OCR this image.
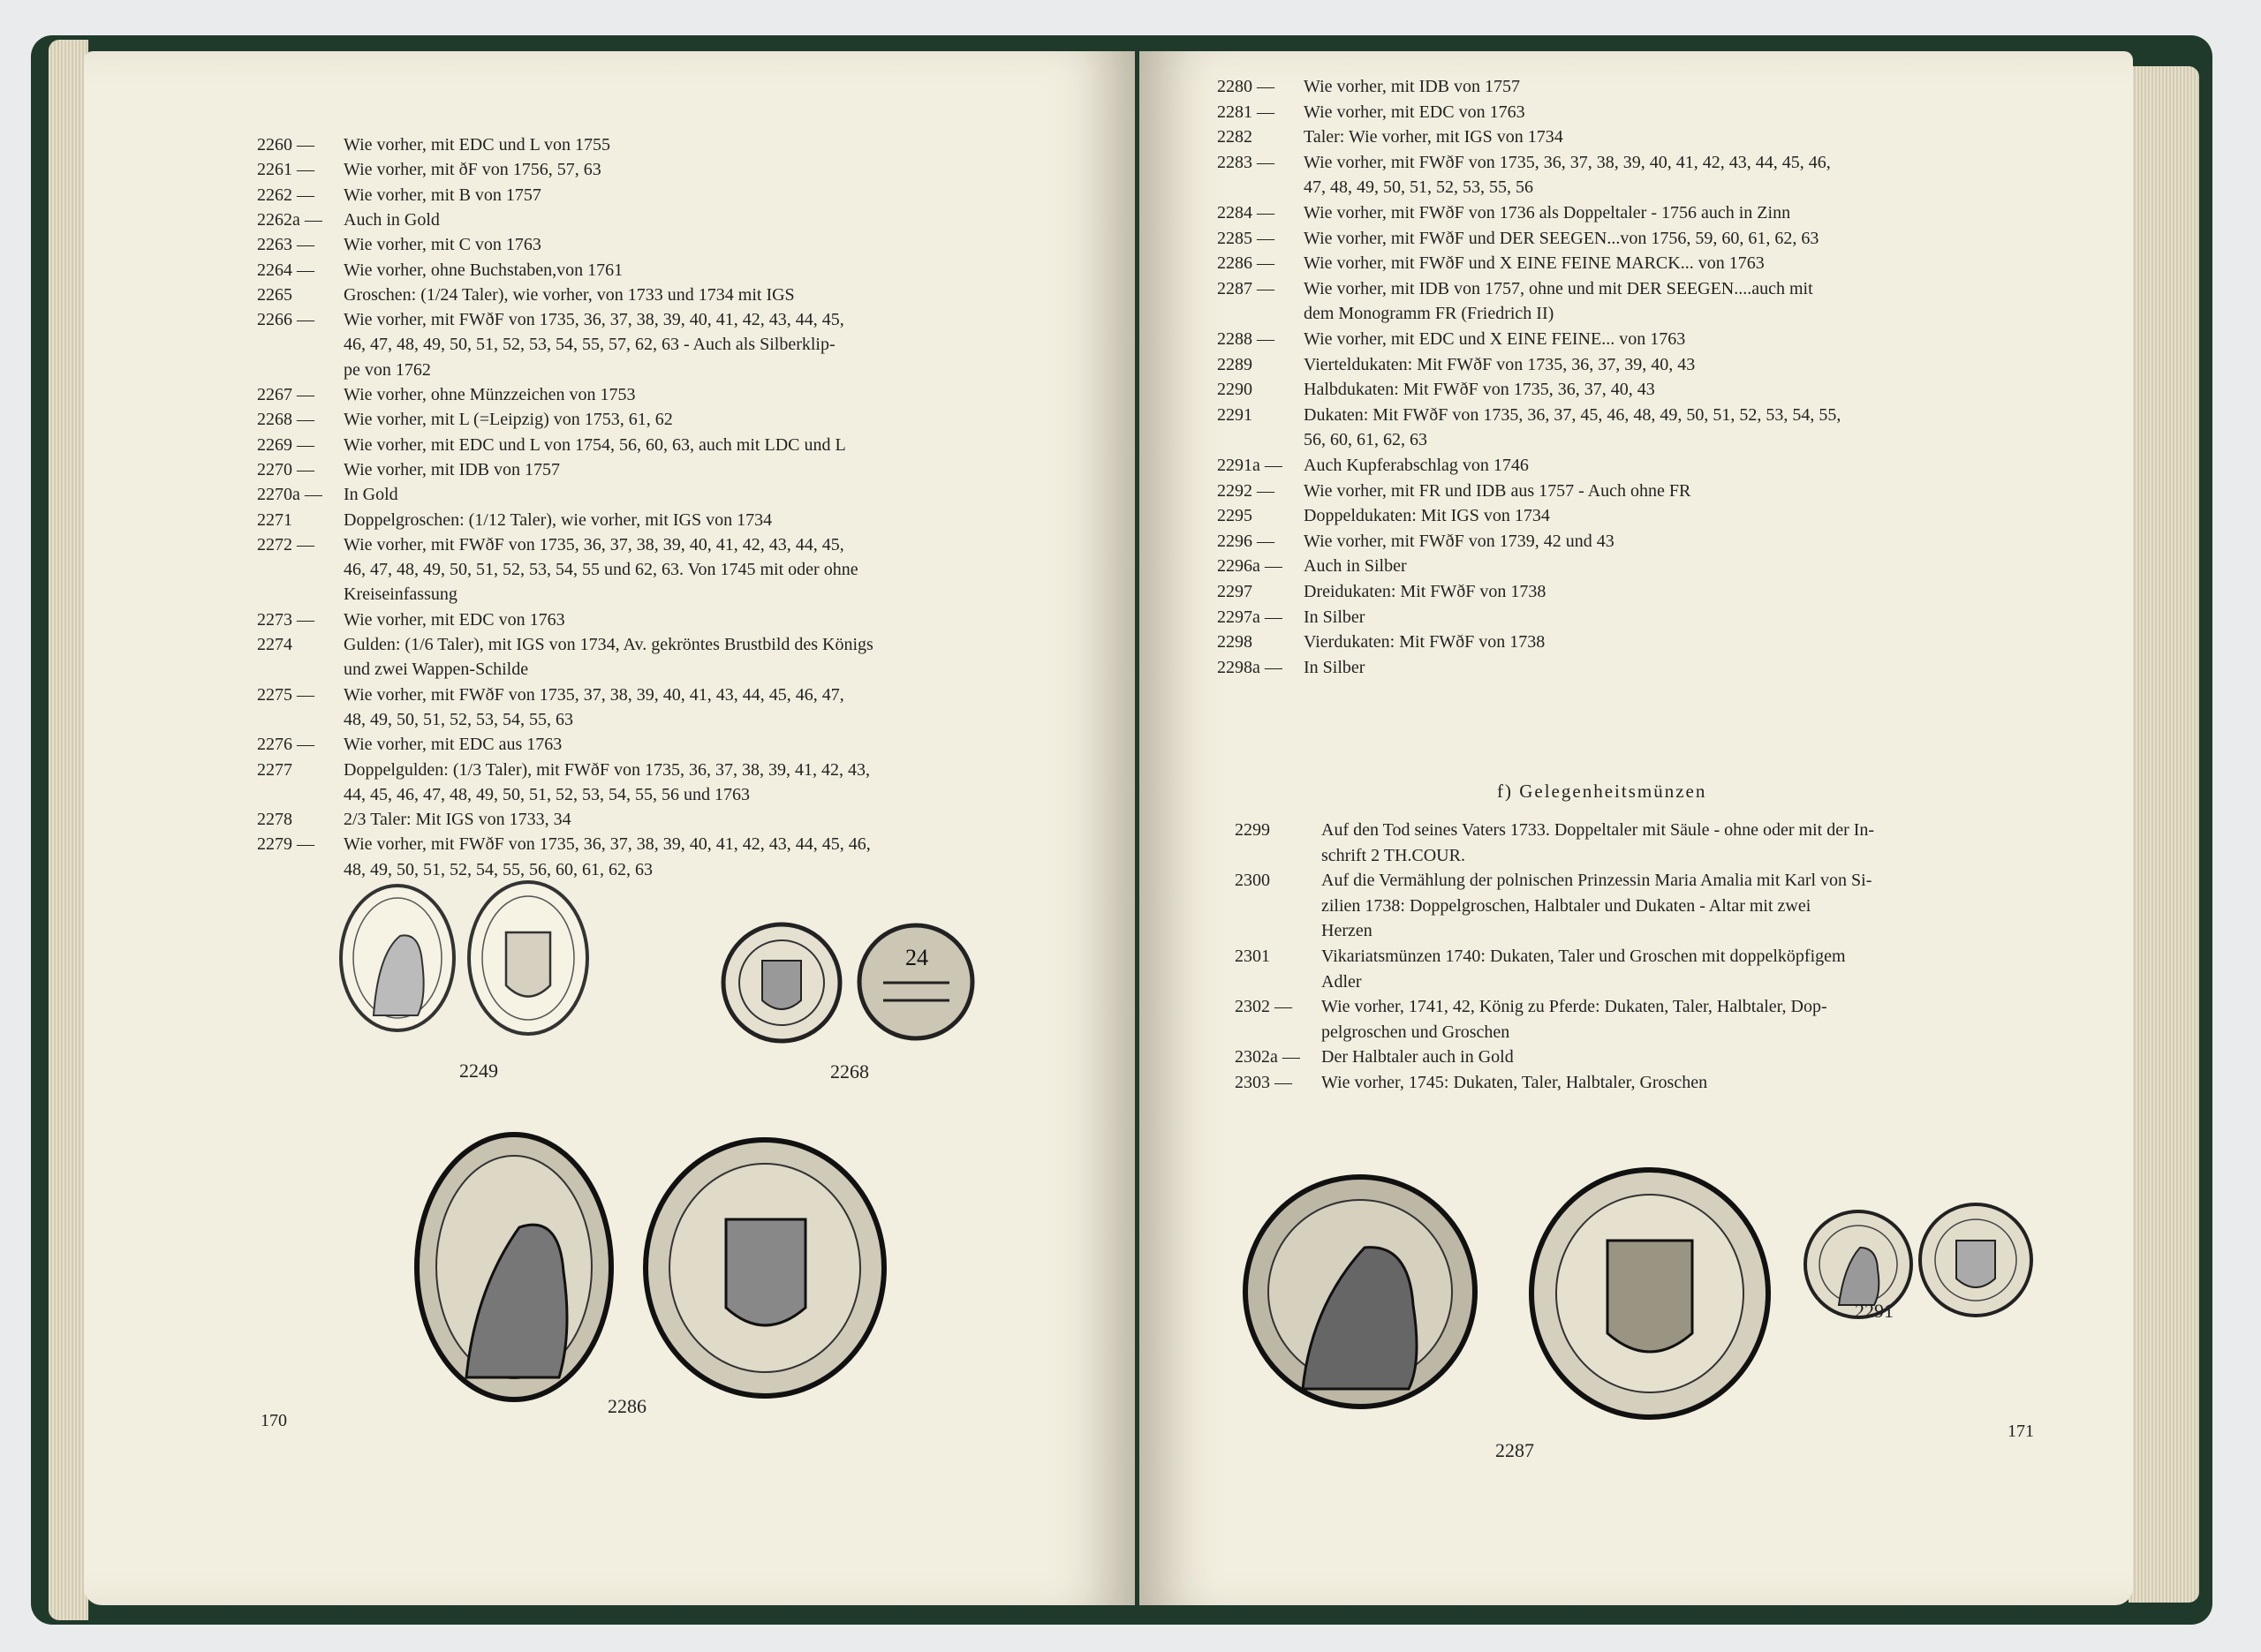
2260 — Wie vorher, mit EDC und L von 1755
2261 — Wie vorher, mit ðF von 1756, 57, 63
2262 — Wie vorher, mit B von 1757
2262a — Auch in Gold
2263 — Wie vorher, mit C von 1763
2264 — Wie vorher, ohne Buchstaben,von 1761
2265	Groschen: (1/24 Taler), wie vorher, von 1733 und 1734 mit IGS
2266 — Wie vorher, mit FWðF von 1735, 36, 37, 38, 39, 40, 41, 42, 43, 44, 45,
46, 47, 48, 49, 50, 51, 52, 53, 54, 55, 57, 62, 63 - Auch als Silberklip-
pe von 1762
2267 — Wie vorher, ohne Münzzeichen von 1753
2268 — Wie vorher, mit L (=Leipzig) von 1753, 61, 62
2269 — Wie vorher, mit EDC und L von 1754, 56, 60, 63, auch mit LDC und L
2270 — Wie vorher, mit IDB von 1757
2270a — In Gold
2271	Doppelgroschen: (1/12 Taler), wie vorher, mit IGS von 1734
2272 — Wie vorher, mit FWðF von 1735, 36, 37, 38, 39, 40, 41, 42, 43, 44, 45,
46, 47, 48, 49, 50, 51, 52, 53, 54, 55 und 62, 63. Von 1745 mit oder ohne
Kreiseinfassung
2273 — Wie vorher, mit EDC von 1763
2274	Gulden: (1/6 Taler), mit IGS von 1734, Av. gekröntes Brustbild des Königs
und zwei Wappen-Schilde
2275 — Wie vorher, mit FWðF von 1735, 37, 38, 39, 40, 41, 43, 44, 45, 46, 47,
48, 49, 50, 51, 52, 53, 54, 55, 63
2276 — Wie vorher, mit EDC aus 1763
2277	Doppelgulden: (1/3 Taler), mit FWðF von 1735, 36, 37, 38, 39, 41, 42, 43,
44, 45, 46, 47, 48, 49, 50, 51, 52, 53, 54, 55, 56 und 1763
2278	2/3 Taler: Mit IGS von 1733, 34
2279 — Wie vorher, mit FWðF von 1735, 36, 37, 38, 39, 40, 41, 42, 43, 44, 45, 46,
48, 49, 50, 51, 52, 54, 55, 56, 60, 61, 62, 63
2249
24
2268
2286
170
2280 — Wie vorher, mit IDB von 1757
2281 — Wie vorher, mit EDC von 1763
2282	Taler: Wie vorher, mit IGS von 1734
2283 — Wie vorher, mit FWðF von 1735, 36, 37, 38, 39, 40, 41, 42, 43, 44, 45, 46,
47, 48, 49, 50, 51, 52, 53, 55, 56
2284 — Wie vorher, mit FWðF von 1736 als Doppeltaler - 1756 auch in Zinn
2285 — Wie vorher, mit FWðF und DER SEEGEN...von 1756, 59, 60, 61, 62, 63
2286 — Wie vorher, mit FWðF und X EINE FEINE MARCK... von 1763
2287 — Wie vorher, mit IDB von 1757, ohne und mit DER SEEGEN....auch mit
dem Monogramm FR (Friedrich II)
2288 — Wie vorher, mit EDC und X EINE FEINE... von 1763
2289	Vierteldukaten: Mit FWðF von 1735, 36, 37, 39, 40, 43
2290	Halbdukaten: Mit FWðF von 1735, 36, 37, 40, 43
2291	Dukaten: Mit FWðF von 1735, 36, 37, 45, 46, 48, 49, 50, 51, 52, 53, 54, 55,
56, 60, 61, 62, 63
2291a — Auch Kupferabschlag von 1746
2292 — Wie vorher, mit FR und IDB aus 1757 - Auch ohne FR
2295	Doppeldukaten: Mit IGS von 1734
2296 — Wie vorher, mit FWðF von 1739, 42 und 43
2296a — Auch in Silber
2297	Dreidukaten: Mit FWðF von 1738
2297a — In Silber
2298	Vierdukaten: Mit FWðF von 1738
2298a — In Silber
f) Gelegenheitsmünzen
2299	Auf den Tod seines Vaters 1733. Doppeltaler mit Säule - ohne oder mit der In-
schrift 2 TH.COUR.
2300	Auf die Vermählung der polnischen Prinzessin Maria Amalia mit Karl von Si-
zilien 1738: Doppelgroschen, Halbtaler und Dukaten - Altar mit zwei
Herzen
2301	Vikariatsmünzen 1740: Dukaten, Taler und Groschen mit doppelköpfigem
Adler
2302 — Wie vorher, 1741, 42, König zu Pferde: Dukaten, Taler, Halbtaler, Dop-
pelgroschen und Groschen
2302a — Der Halbtaler auch in Gold
2303 — Wie vorher, 1745: Dukaten, Taler, Halbtaler, Groschen
2287
2291
171
